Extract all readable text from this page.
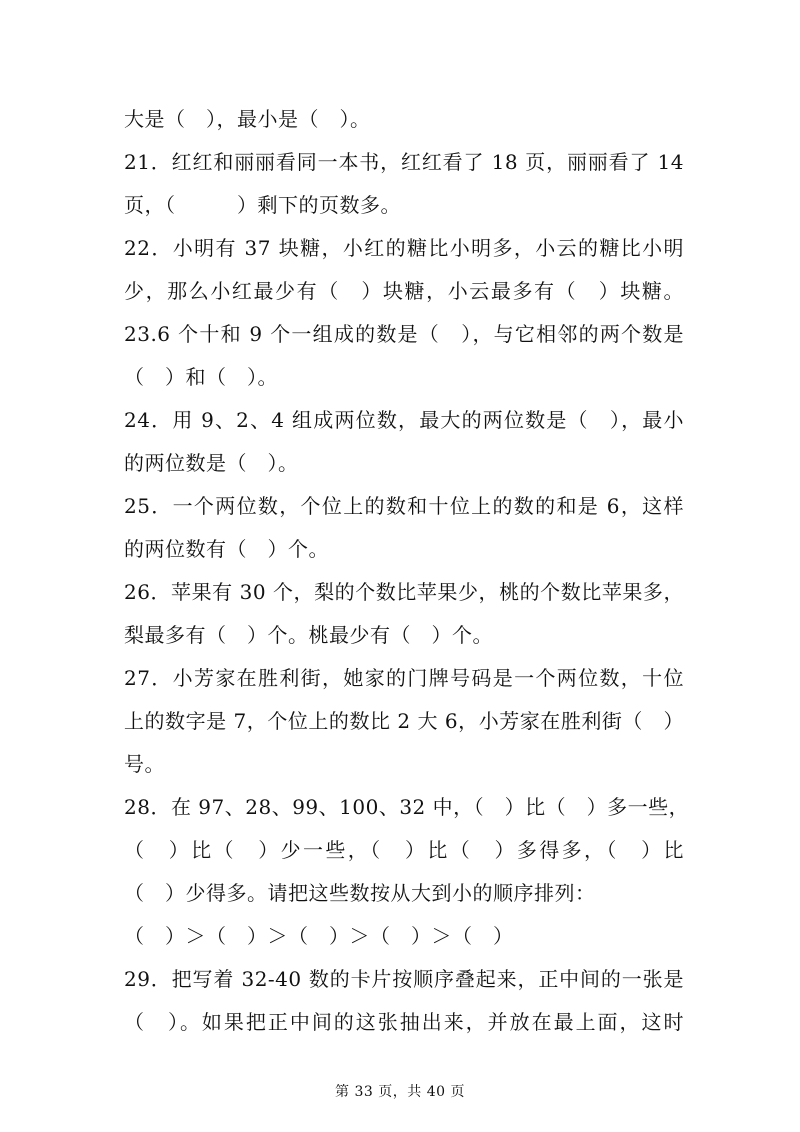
大是（　），最小是（　）。
21．红红和丽丽看同一本书，红红看了 18 页，丽丽看了 14
页，（　　　）剩下的页数多。
22．小明有 37 块糖，小红的糖比小明多，小云的糖比小明
少，那么小红最少有（　）块糖，小云最多有（　）块糖。
23.6 个十和 9 个一组成的数是（　），与它相邻的两个数是
（　）和（　）。
24．用 9、2、4 组成两位数，最大的两位数是（　），最小
的两位数是（　）。
25．一个两位数，个位上的数和十位上的数的和是 6，这样
的两位数有（　）个。
26．苹果有 30 个，梨的个数比苹果少，桃的个数比苹果多，
梨最多有（　）个。桃最少有（　）个。
27．小芳家在胜利街，她家的门牌号码是一个两位数，十位
上的数字是 7，个位上的数比 2 大 6，小芳家在胜利街（　）
号。
28．在 97、28、99、100、32 中，（　）比（　）多一些，
（　）比（　）少一些，（　）比（　）多得多，（　）比
（　）少得多。请把这些数按从大到小的顺序排列：
（　）＞（　）＞（　）＞（　）＞（　）
29．把写着 32-40 数的卡片按顺序叠起来，正中间的一张是
（　）。如果把正中间的这张抽出来，并放在最上面，这时
第 33 页，共 40 页
